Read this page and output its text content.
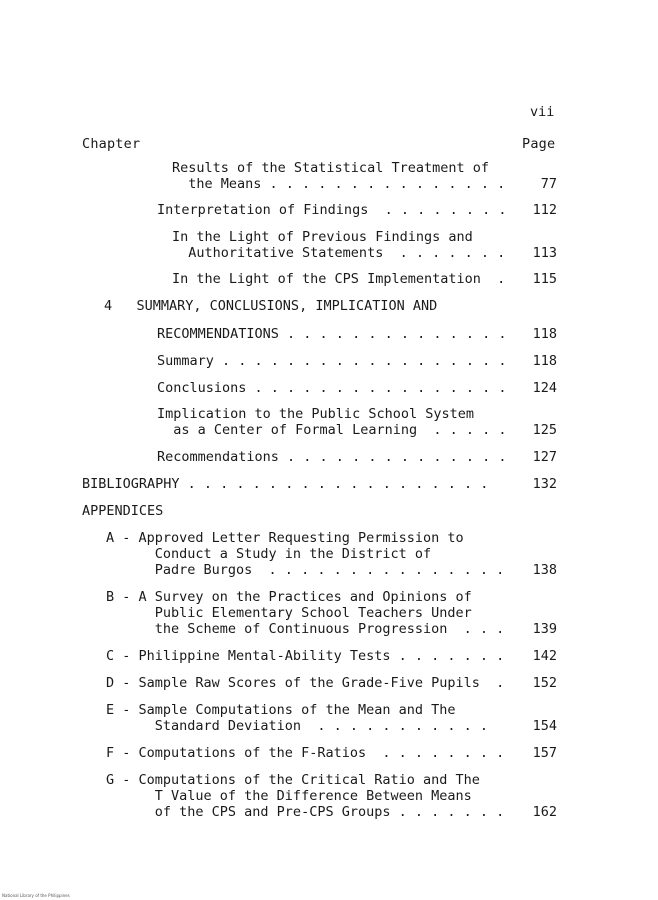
vii
Chapter	Page
Results of the Statistical Treatment of
the Means . . . . . . . . . . . . . . .	77
Interpretation of Findings  . . . . . . . .	112
In the Light of Previous Findings and
Authoritative Statements  . . . . . . .	113
In the Light of the CPS Implementation  .	115
4   SUMMARY, CONCLUSIONS, IMPLICATION AND
RECOMMENDATIONS . . . . . . . . . . . . . .	118
Summary . . . . . . . . . . . . . . . . . .	118
Conclusions . . . . . . . . . . . . . . . .	124
Implication to the Public School System
as a Center of Formal Learning  . . . . .	125
Recommendations . . . . . . . . . . . . . .	127
BIBLIOGRAPHY . . . . . . . . . . . . . . . . . . .	132
APPENDICES
A - Approved Letter Requesting Permission to
Conduct a Study in the District of
Padre Burgos  . . . . . . . . . . . . . . .	138
B - A Survey on the Practices and Opinions of
Public Elementary School Teachers Under
the Scheme of Continuous Progression  . . .	139
C - Philippine Mental-Ability Tests . . . . . . .	142
D - Sample Raw Scores of the Grade-Five Pupils  .	152
E - Sample Computations of the Mean and The
Standard Deviation  . . . . . . . . . . .	154
F - Computations of the F-Ratios  . . . . . . . .	157
G - Computations of the Critical Ratio and The
T Value of the Difference Between Means
of the CPS and Pre-CPS Groups . . . . . . .	162
National Library of the Philippines
